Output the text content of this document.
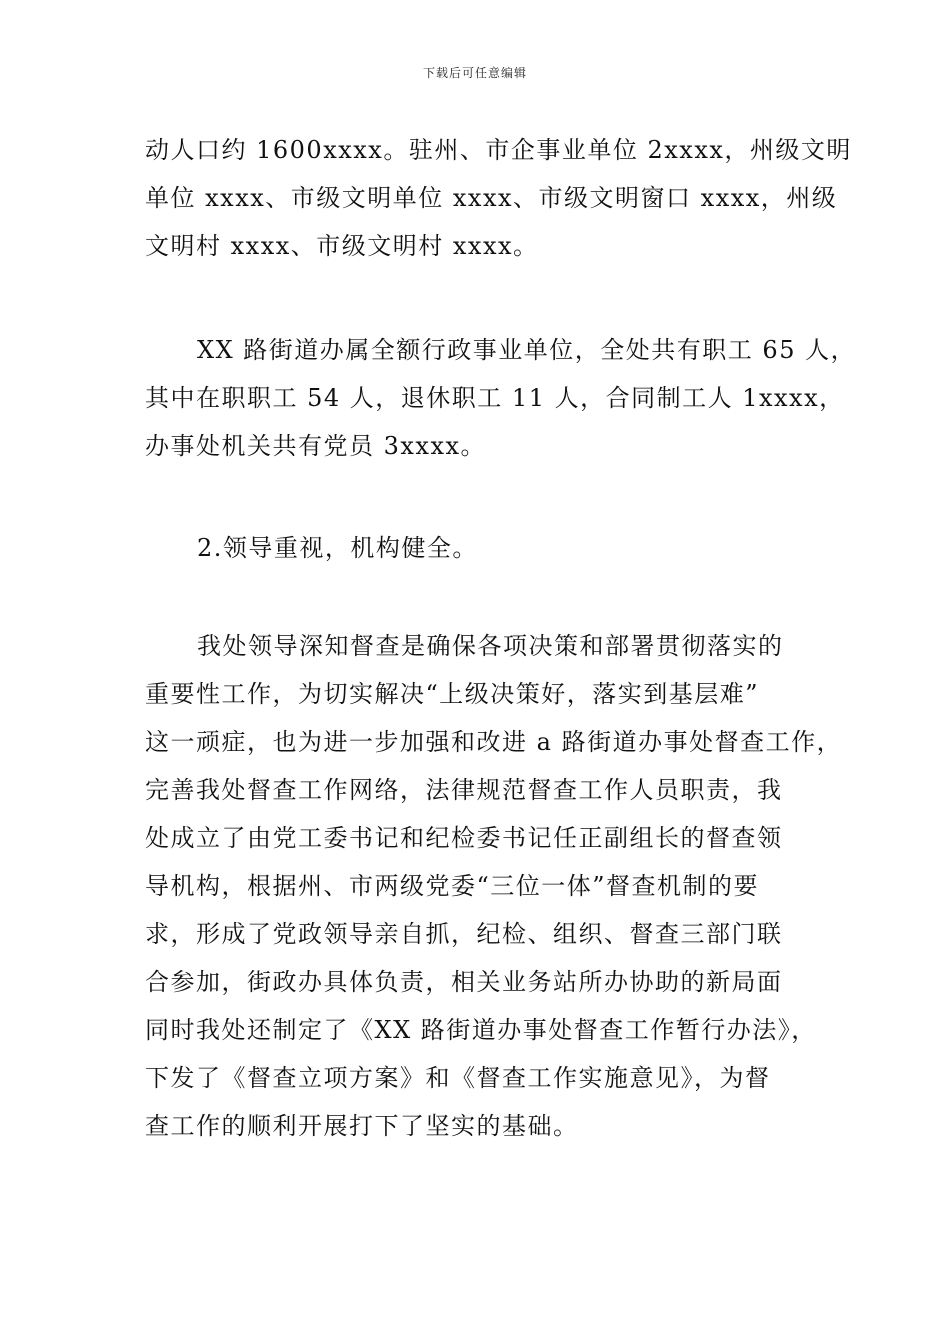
下载后可任意编辑
动人口约 1600xxxx。驻州、市企事业单位 2xxxx，州级文明
单位 xxxx、市级文明单位 xxxx、市级文明窗口 xxxx，州级
文明村 xxxx、市级文明村 xxxx。
XX 路街道办属全额行政事业单位，全处共有职工 65 人，
其中在职职工 54 人，退休职工 11 人，合同制工人 1xxxx，
办事处机关共有党员 3xxxx。
2.领导重视，机构健全。
我处领导深知督查是确保各项决策和部署贯彻落实的
重要性工作，为切实解决“上级决策好，落实到基层难”
这一顽症，也为进一步加强和改进 a 路街道办事处督查工作，
完善我处督查工作网络，法律规范督查工作人员职责，我
处成立了由党工委书记和纪检委书记任正副组长的督查领
导机构，根据州、市两级党委“三位一体”督查机制的要
求，形成了党政领导亲自抓，纪检、组织、督查三部门联
合参加，街政办具体负责，相关业务站所办协助的新局面
同时我处还制定了《XX 路街道办事处督查工作暂行办法》，
下发了《督查立项方案》和《督查工作实施意见》，为督
查工作的顺利开展打下了坚实的基础。
